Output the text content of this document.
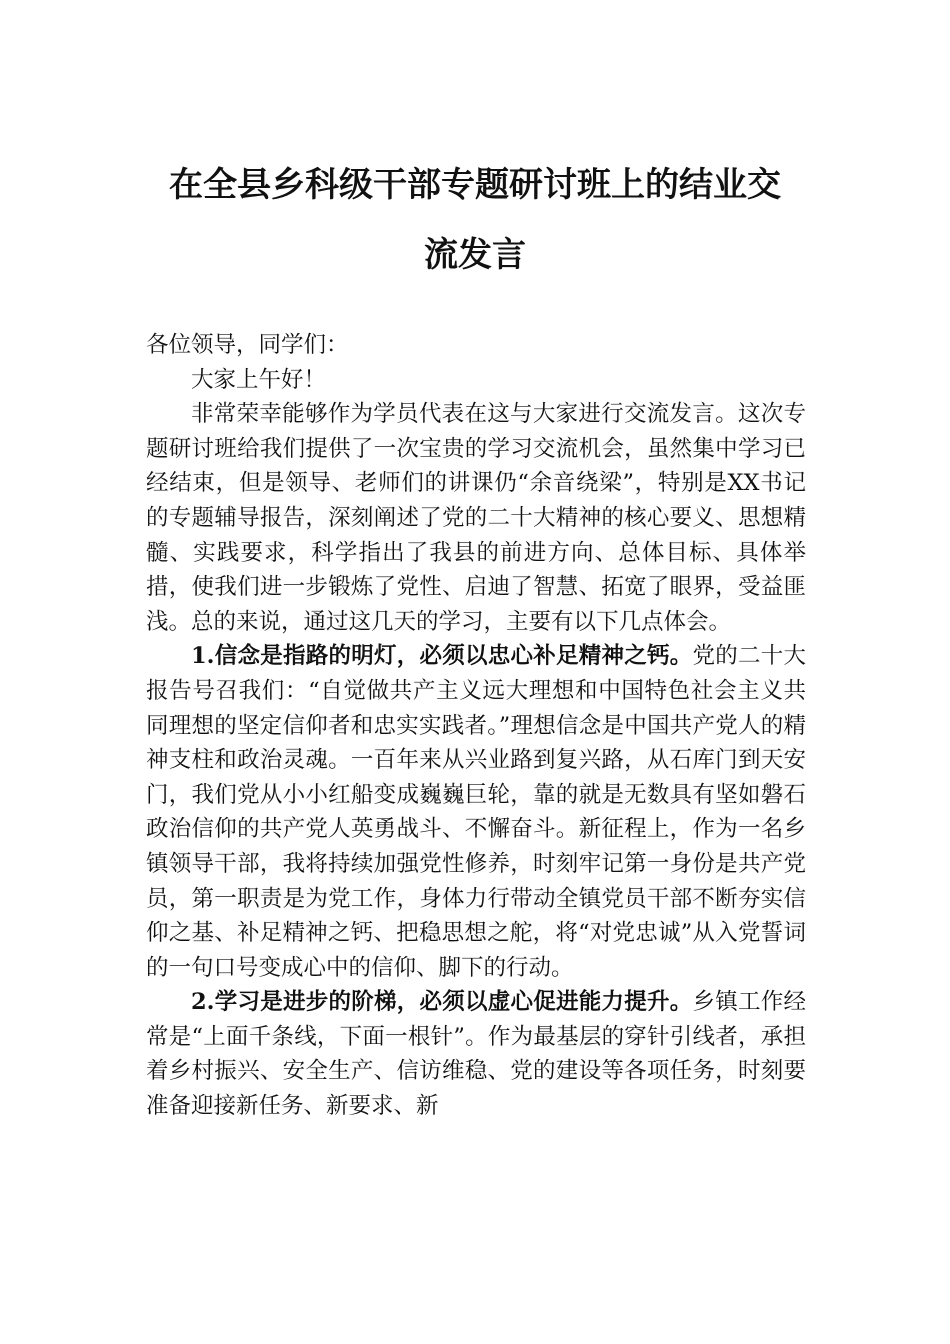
在全县乡科级干部专题研讨班上的结业交
流发言

各位领导，同学们：

大家上午好！

非常荣幸能够作为学员代表在这与大家进行交流发言。这次专题研讨班给我们提供了一次宝贵的学习交流机会，虽然集中学习已经结束，但是领导、老师们的讲课仍“余音绕梁”，特别是XX书记的专题辅导报告，深刻阐述了党的二十大精神的核心要义、思想精髓、实践要求，科学指出了我县的前进方向、总体目标、具体举措，使我们进一步锻炼了党性、启迪了智慧、拓宽了眼界，受益匪浅。总的来说，通过这几天的学习，主要有以下几点体会。

1.信念是指路的明灯，必须以忠心补足精神之钙。党的二十大报告号召我们：“自觉做共产主义远大理想和中国特色社会主义共同理想的坚定信仰者和忠实实践者。”理想信念是中国共产党人的精神支柱和政治灵魂。一百年来从兴业路到复兴路，从石库门到天安门，我们党从小小红船变成巍巍巨轮，靠的就是无数具有坚如磐石政治信仰的共产党人英勇战斗、不懈奋斗。新征程上，作为一名乡镇领导干部，我将持续加强党性修养，时刻牢记第一身份是共产党员，第一职责是为党工作，身体力行带动全镇党员干部不断夯实信仰之基、补足精神之钙、把稳思想之舵，将“对党忠诚”从入党誓词的一句口号变成心中的信仰、脚下的行动。

2.学习是进步的阶梯，必须以虚心促进能力提升。乡镇工作经常是“上面千条线，下面一根针”。作为最基层的穿针引线者，承担着乡村振兴、安全生产、信访维稳、党的建设等各项任务，时刻要准备迎接新任务、新要求、新
